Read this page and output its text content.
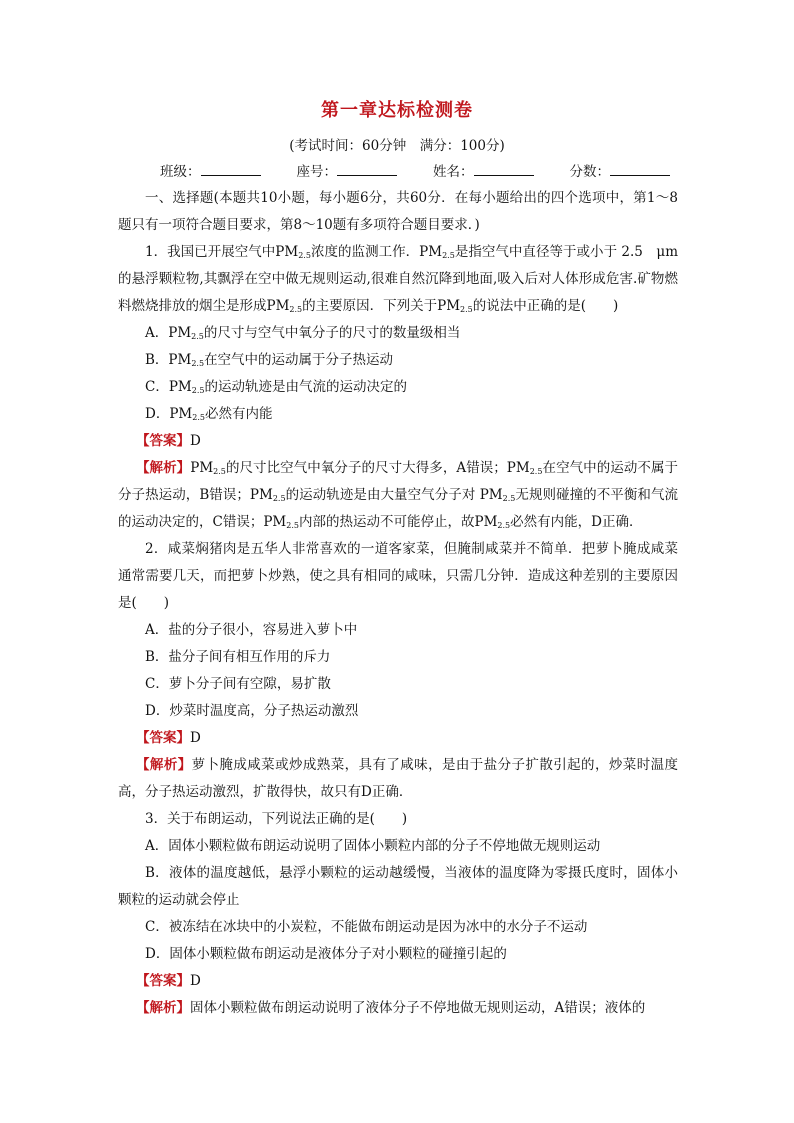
第一章达标检测卷
(考试时间：60分钟　满分：100分)
班级：	座号：	姓名：	分数：

一、选择题(本题共10小题，每小题6分，共60分．在每小题给出的四个选项中，第1～8题只有一项符合题目要求，第8～10题有多项符合题目要求．)

1．我国已开展空气中$PM_{2.5}$浓度的监测工作．$PM_{2.5}$是指空气中直径等于或小于 2.5　μm的悬浮颗粒物,其飘浮在空中做无规则运动,很难自然沉降到地面,吸入后对人体形成危害.矿物燃料燃烧排放的烟尘是形成$PM_{2.5}$的主要原因．下列关于$PM_{2.5}$的说法中正确的是(　　)

A．$PM_{2.5}$的尺寸与空气中氧分子的尺寸的数量级相当

B．$PM_{2.5}$在空气中的运动属于分子热运动

C．$PM_{2.5}$的运动轨迹是由气流的运动决定的

D．$PM_{2.5}$必然有内能

【答案】D

【解析】$PM_{2.5}$的尺寸比空气中氧分子的尺寸大得多，A错误；$PM_{2.5}$在空气中的运动不属于分子热运动，B错误；$PM_{2.5}$的运动轨迹是由大量空气分子对 $PM_{2.5}$无规则碰撞的不平衡和气流的运动决定的，C错误；$PM_{2.5}$内部的热运动不可能停止，故$PM_{2.5}$必然有内能，D正确．

2．咸菜焖猪肉是五华人非常喜欢的一道客家菜，但腌制咸菜并不简单．把萝卜腌成咸菜通常需要几天，而把萝卜炒熟，使之具有相同的咸味，只需几分钟．造成这种差别的主要原因是(　　)

A．盐的分子很小，容易进入萝卜中

B．盐分子间有相互作用的斥力

C．萝卜分子间有空隙，易扩散

D．炒菜时温度高，分子热运动激烈

【答案】D

【解析】萝卜腌成咸菜或炒成熟菜，具有了咸味，是由于盐分子扩散引起的，炒菜时温度高，分子热运动激烈，扩散得快，故只有D正确．

3．关于布朗运动，下列说法正确的是(　　)

A．固体小颗粒做布朗运动说明了固体小颗粒内部的分子不停地做无规则运动

B．液体的温度越低，悬浮小颗粒的运动越缓慢，当液体的温度降为零摄氏度时，固体小颗粒的运动就会停止

C．被冻结在冰块中的小炭粒，不能做布朗运动是因为冰中的水分子不运动

D．固体小颗粒做布朗运动是液体分子对小颗粒的碰撞引起的

【答案】D

【解析】固体小颗粒做布朗运动说明了液体分子不停地做无规则运动，A错误；液体的
